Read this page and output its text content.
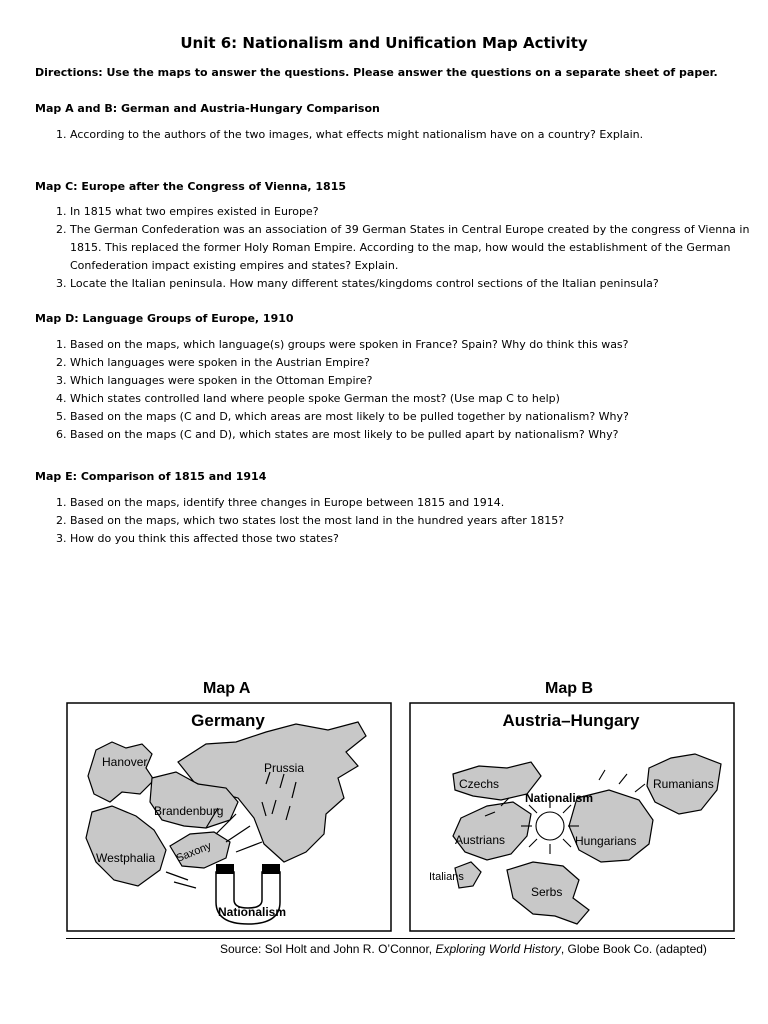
Unit 6: Nationalism and Unification Map Activity

Directions: Use the maps to answer the questions. Please answer the questions on a separate sheet of paper.

Map A and B: German and Austria-Hungary Comparison

1. According to the authors of the two images, what effects might nationalism have on a country? Explain.

Map C: Europe after the Congress of Vienna, 1815

1. In 1815 what two empires existed in Europe?
2. The German Confederation was an association of 39 German States in Central Europe created by the congress of Vienna in 1815. This replaced the former Holy Roman Empire. According to the map, how would the establishment of the German Confederation impact existing empires and states? Explain.
3. Locate the Italian peninsula. How many different states/kingdoms control sections of the Italian peninsula?

Map D: Language Groups of Europe, 1910

1. Based on the maps, which language(s) groups were spoken in France? Spain? Why do think this was?
2. Which languages were spoken in the Austrian Empire?
3. Which languages were spoken in the Ottoman Empire?
4. Which states controlled land where people spoke German the most? (Use map C to help)
5. Based on the maps (C and D, which areas are most likely to be pulled together by nationalism? Why?
6. Based on the maps (C and D), which states are most likely to be pulled apart by nationalism? Why?

Map E: Comparison of 1815 and 1914

1. Based on the maps, identify three changes in Europe between 1815 and 1914.
2. Based on the maps, which two states lost the most land in the hundred years after 1815?
3. How do you think this affected those two states?
Map A	Map B
Germany
Hanover	Prussia
Brandenburg
Westphalia Saxony
Nationalism
Austria–Hungary
Czechs	Rumanians
Austrians	Hungarians
Italians
Serbs
Nationalism
Source: Sol Holt and John R. O’Connor, Exploring World History, Globe Book Co. (adapted)
